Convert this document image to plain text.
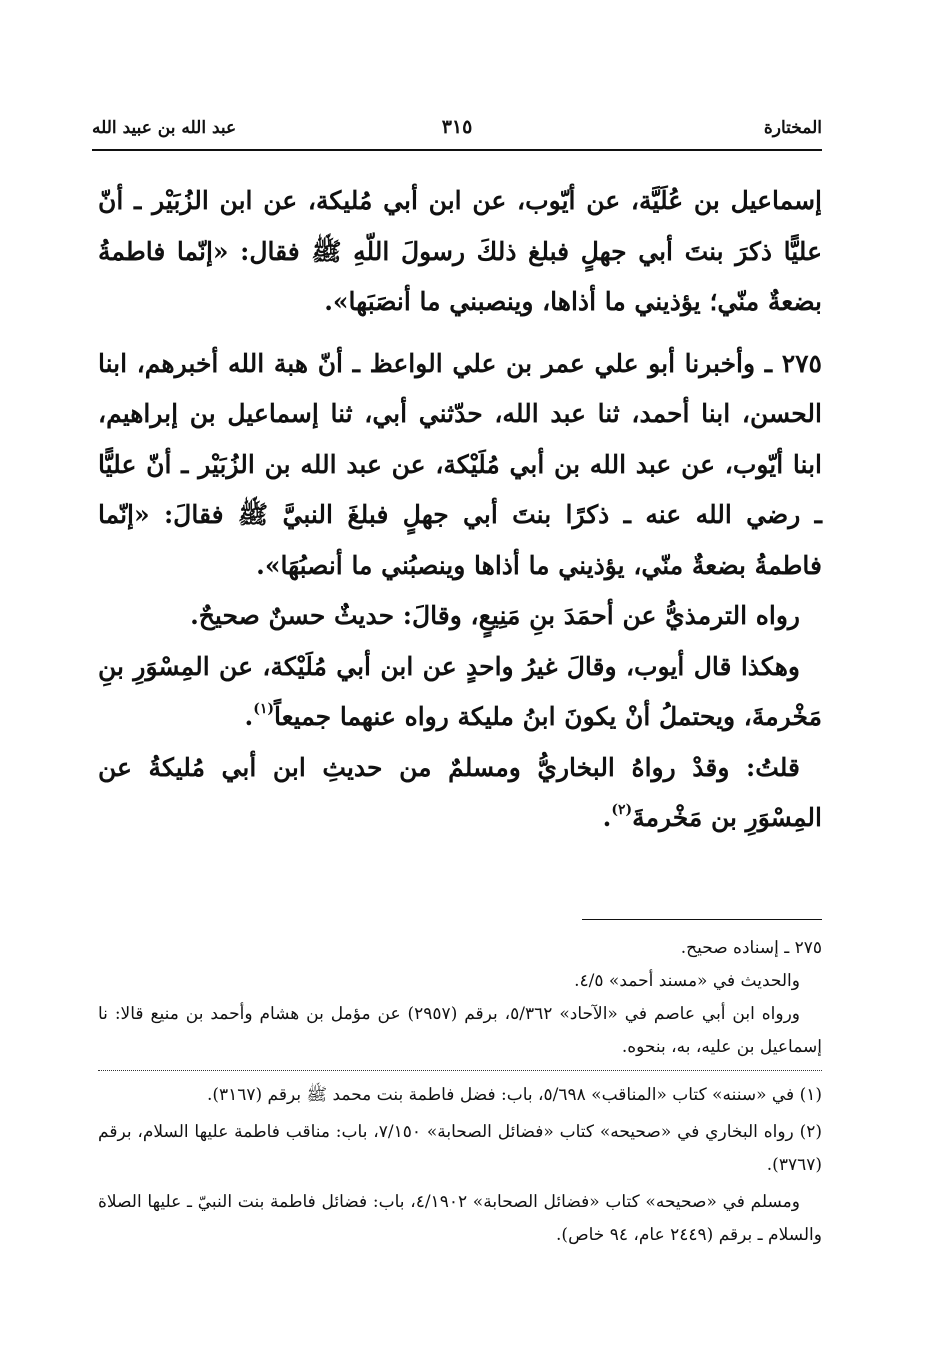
المختارة
٣١٥
عبد الله بن عبيد الله

إسماعيل بن عُلَيَّة، عن أيّوب، عن ابن أبي مُليكة، عن ابن الزُبَيْر ـ أنّ عليًّا ذكرَ بنتَ أبي جهلٍ فبلغ ذلكَ رسولَ اللّهِ ﷺ فقال: «إنّما فاطمةُ بضعةٌ منّي؛ يؤذيني ما أذاها، وينصبني ما أنصَبَها».

٢٧٥ ـ وأخبرنا أبو علي عمر بن علي الواعظ ـ أنّ هبة الله أخبرهم، ابنا الحسن، ابنا أحمد، ثنا عبد الله، حدّثني أبي، ثنا إسماعيل بن إبراهيم، ابنا أيّوب، عن عبد الله بن أبي مُلَيْكة، عن عبد الله بن الزُبَيْر ـ أنّ عليًّا ـ رضي الله عنه ـ ذكرًا بنتَ أبي جهلٍ فبلغَ النبيَّ ﷺ فقالَ: «إنّما فاطمةُ بضعةٌ منّي، يؤذيني ما أذاها وينصبُني ما أنصبُهَا».

رواه الترمذيُّ عن أحمَدَ بنِ مَنِيعٍ، وقالَ: حديثٌ حسنٌ صحيحٌ.

وهكذا قال أيوب، وقالَ غيرُ واحدٍ عن ابن أبي مُلَيْكة، عن المِسْوَرِ بنِ مَخْرمةَ، ويحتملُ أنْ يكونَ ابنُ مليكة رواه عنهما جميعاً$^{(١)}$.

قلتُ: وقدْ رواهُ البخاريُّ ومسلمٌ من حديثِ ابن أبي مُليكةُ عن المِسْوَرِ بن مَخْرمةَ$^{(٢)}$.

٢٧٥ ـ إسناده صحيح.

والحديث في «مسند أحمد» ٤/٥.

ورواه ابن أبي عاصم في «الآحاد» ٥/٣٦٢، برقم (٢٩٥٧) عن مؤمل بن هشام وأحمد بن منيع قالا: نا إسماعيل بن عليه، به، بنحوه.

(١) في «سننه» كتاب «المناقب» ٥/٦٩٨، باب: فضل فاطمة بنت محمد ﷺ برقم (٣١٦٧).

(٢) رواه البخاري في «صحيحه» كتاب «فضائل الصحابة» ٧/١٥٠، باب: مناقب فاطمة عليها السلام، برقم (٣٧٦٧).

ومسلم في «صحيحه» كتاب «فضائل الصحابة» ٤/١٩٠٢، باب: فضائل فاطمة بنت النبيّ ـ عليها الصلاة والسلام ـ برقم (٢٤٤٩ عام، ٩٤ خاص).
